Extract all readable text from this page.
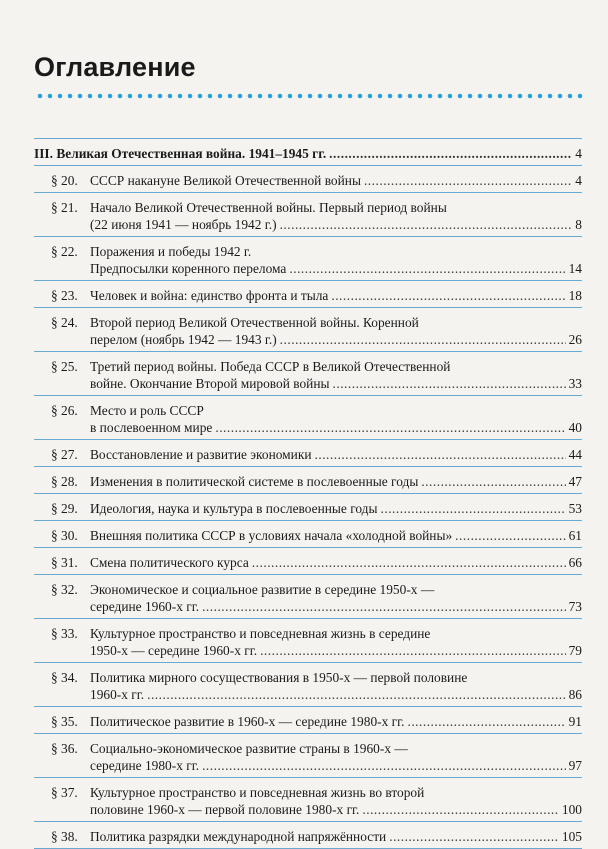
Оглавление
III. Великая Отечественная война. 1941–1945 гг. .....	4
§ 20. СССР накануне Великой Отечественной войны .....	4
§ 21. Начало Великой Отечественной войны. Первый период войны
(22 июня 1941 — ноябрь 1942 г.) .....	8
§ 22. Поражения и победы 1942 г.
Предпосылки коренного перелома .....	14
§ 23. Человек и война: единство фронта и тыла .....	18
§ 24. Второй период Великой Отечественной войны. Коренной
перелом (ноябрь 1942 — 1943 г.) .....	26
§ 25. Третий период войны. Победа СССР в Великой Отечественной
войне. Окончание Второй мировой войны .....	33
§ 26. Место и роль СССР
в послевоенном мире .....	40
§ 27. Восстановление и развитие экономики .....	44
§ 28. Изменения в политической системе в послевоенные годы .....	47
§ 29. Идеология, наука и культура в послевоенные годы .....	53
§ 30. Внешняя политика СССР в условиях начала «холодной войны» .....	61
§ 31. Смена политического курса .....	66
§ 32. Экономическое и социальное развитие в середине 1950-х —
середине 1960-х гг. .....	73
§ 33. Культурное пространство и повседневная жизнь в середине
1950-х — середине 1960-х гг. .....	79
§ 34. Политика мирного сосуществования в 1950-х — первой половине
1960-х гг. .....	86
§ 35. Политическое развитие в 1960-х — середине 1980-х гг. .....	91
§ 36. Социально-экономическое развитие страны в 1960-х —
середине 1980-х гг. .....	97
§ 37. Культурное пространство и повседневная жизнь во второй
половине 1960-х — первой половине 1980-х гг. .....	100
§ 38. Политика разрядки международной напряжённости .....	105
